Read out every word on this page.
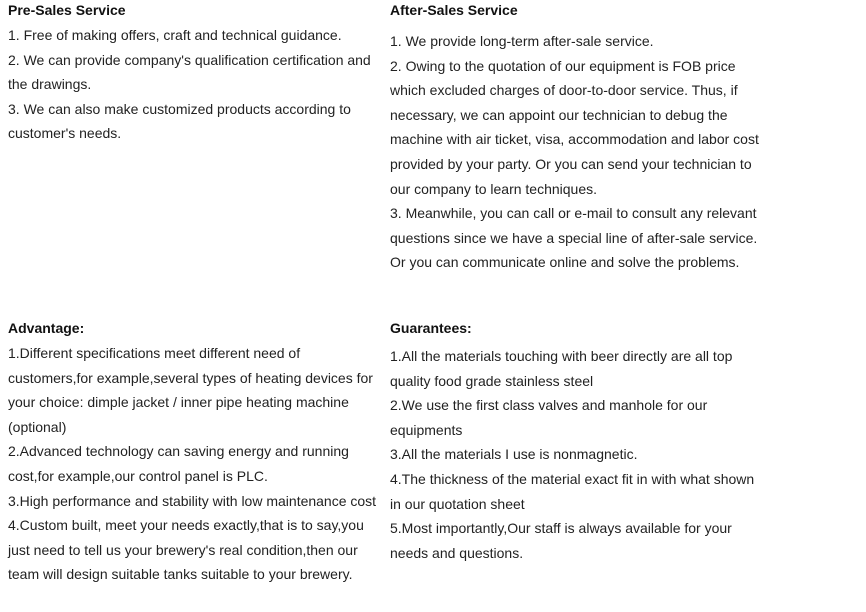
Pre-Sales Service

1. Free of making offers, craft and technical guidance.

2. We can provide company's qualification certification and the drawings.

3. We can also make customized products according to customer's needs.

After-Sales Service

1. We provide long-term after-sale service.

2. Owing to the quotation of our equipment is FOB price which excluded charges of door-to-door service. Thus, if necessary, we can appoint our technician to debug the machine with air ticket, visa, accommodation and labor cost provided by your party. Or you can send your technician to our company to learn techniques.

3. Meanwhile, you can call or e-mail to consult any relevant questions since we have a special line of after-sale service. Or you can communicate online and solve the problems.

Advantage:

1.Different specifications meet different need of customers,for example,several types of heating devices for your choice: dimple jacket / inner pipe heating machine (optional)

2.Advanced technology can saving energy and running cost,for example,our control panel is PLC.

3.High performance and stability with low maintenance cost

4.Custom built, meet your needs exactly,that is to say,you just need to tell us your brewery's real condition,then our team will design suitable tanks suitable to your brewery.

Guarantees:

1.All the materials touching with beer directly are all top quality food grade stainless steel

2.We use the first class valves and manhole for our equipments

3.All the materials I use is nonmagnetic.

4.The thickness of the material exact fit in with what shown in our quotation sheet

5.Most importantly,Our staff is always available for your needs and questions.
